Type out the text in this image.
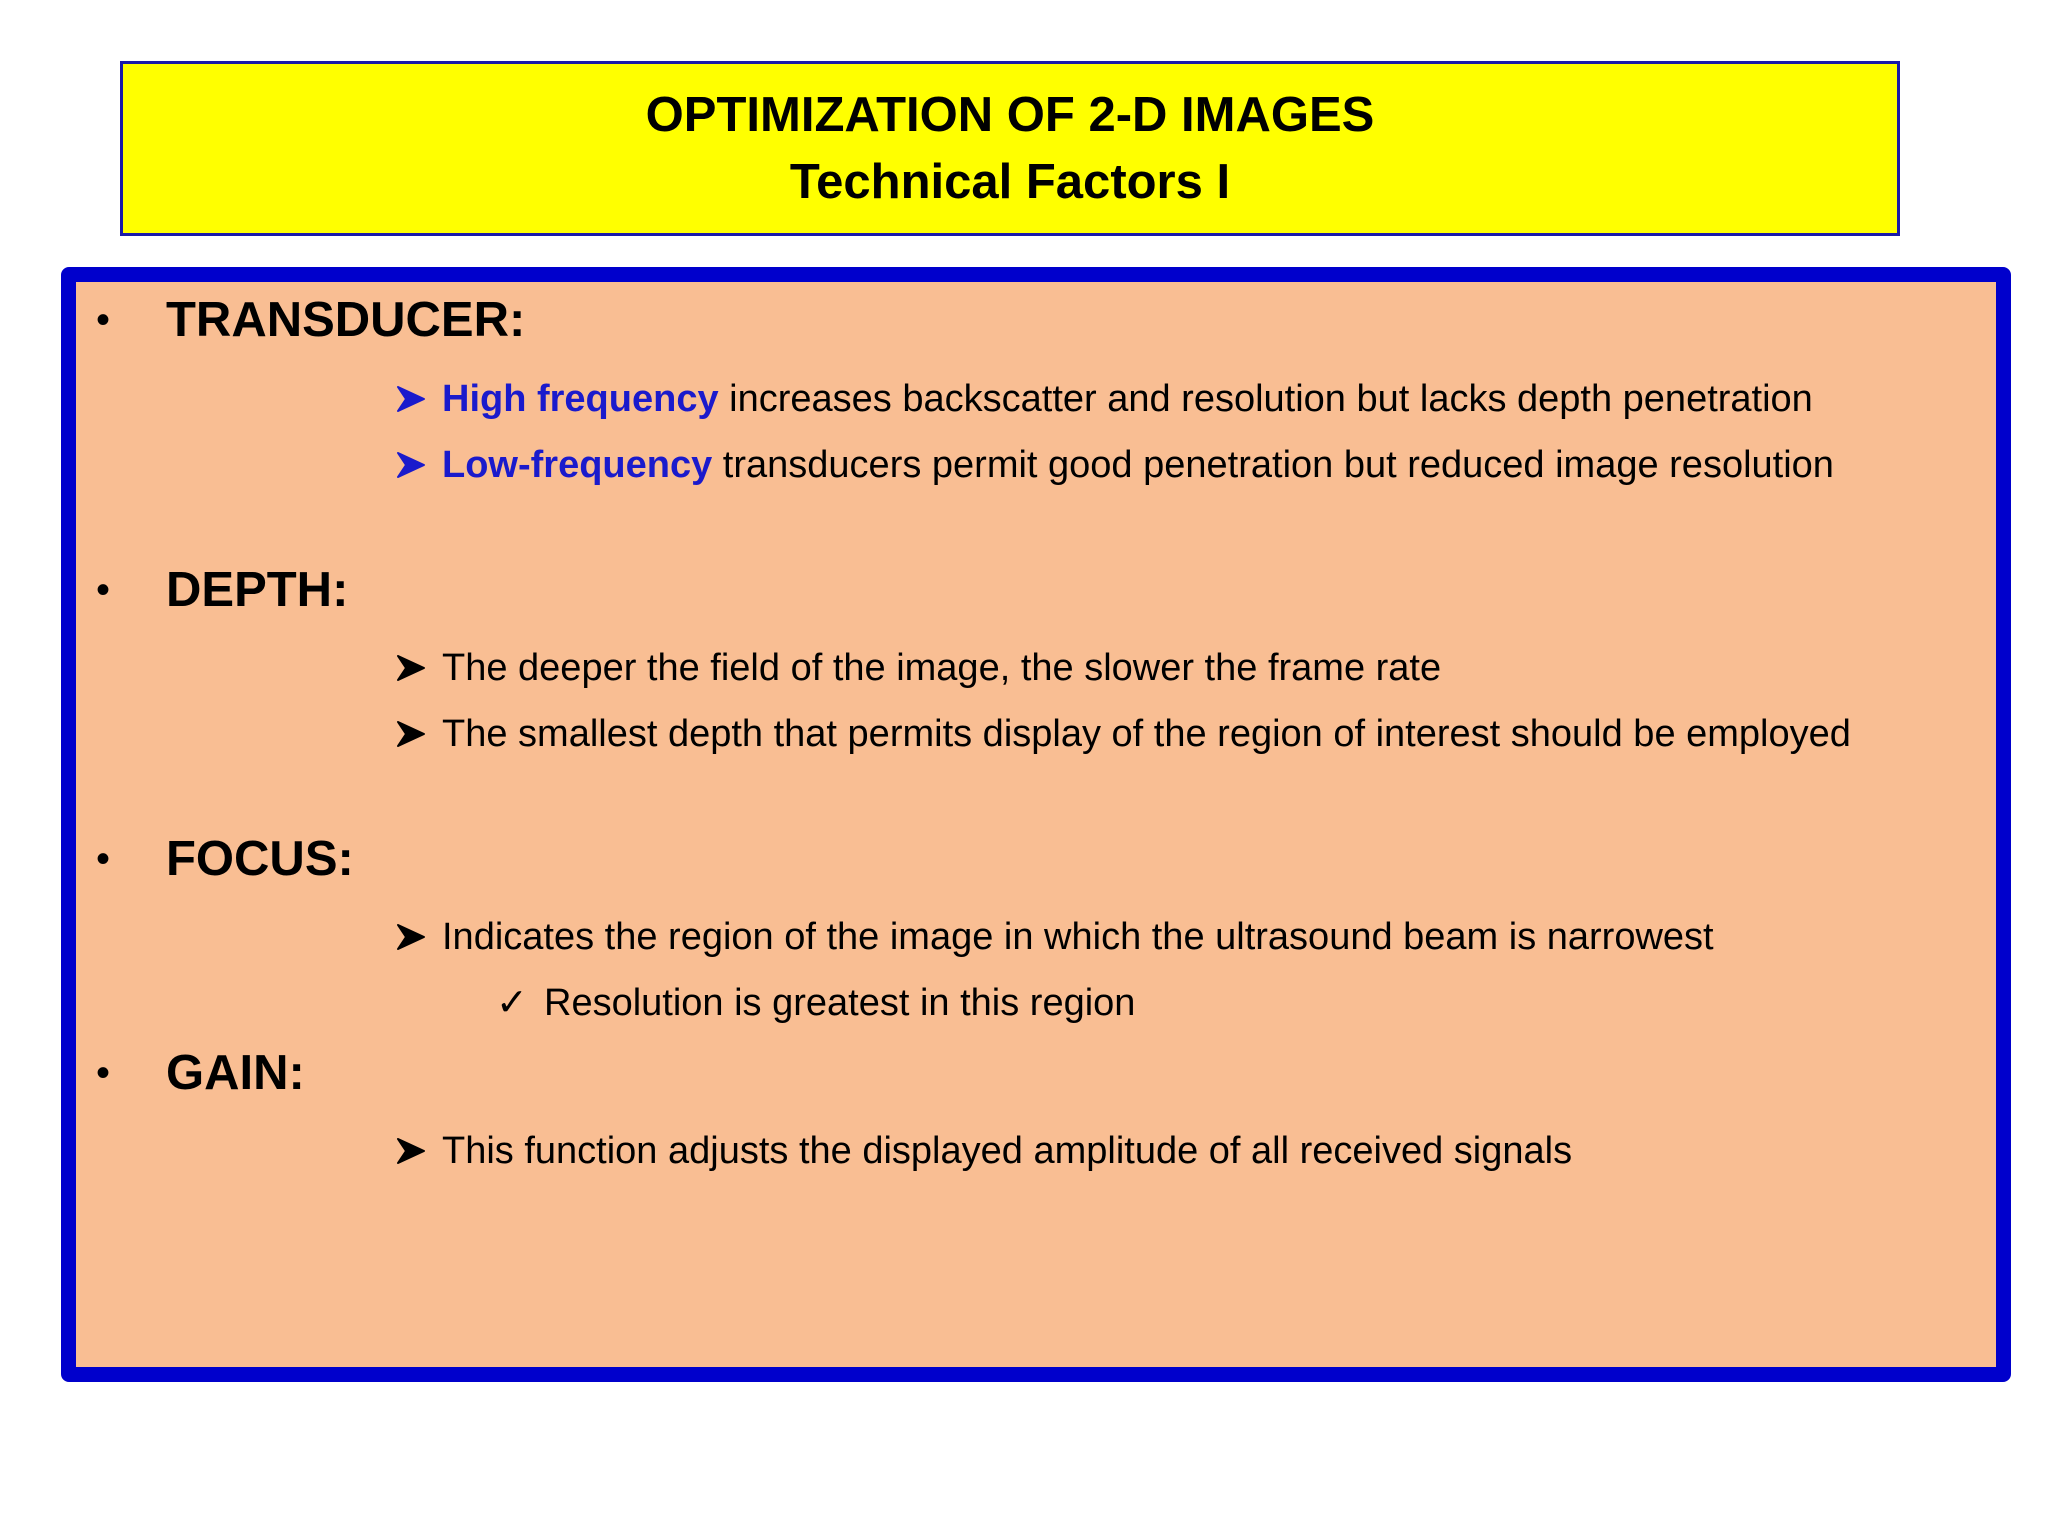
OPTIMIZATION OF 2-D IMAGES
Technical Factors I
• TRANSDUCER:
High frequency increases backscatter and resolution but lacks depth penetration
Low-frequency transducers permit good penetration but reduced image resolution
• DEPTH:
The deeper the field of the image, the slower the frame rate
The smallest depth that permits display of the region of interest should be employed
• FOCUS:
Indicates the region of the image in which the ultrasound beam is narrowest
✓ Resolution is greatest in this region
• GAIN:
This function adjusts the displayed amplitude of all received signals
